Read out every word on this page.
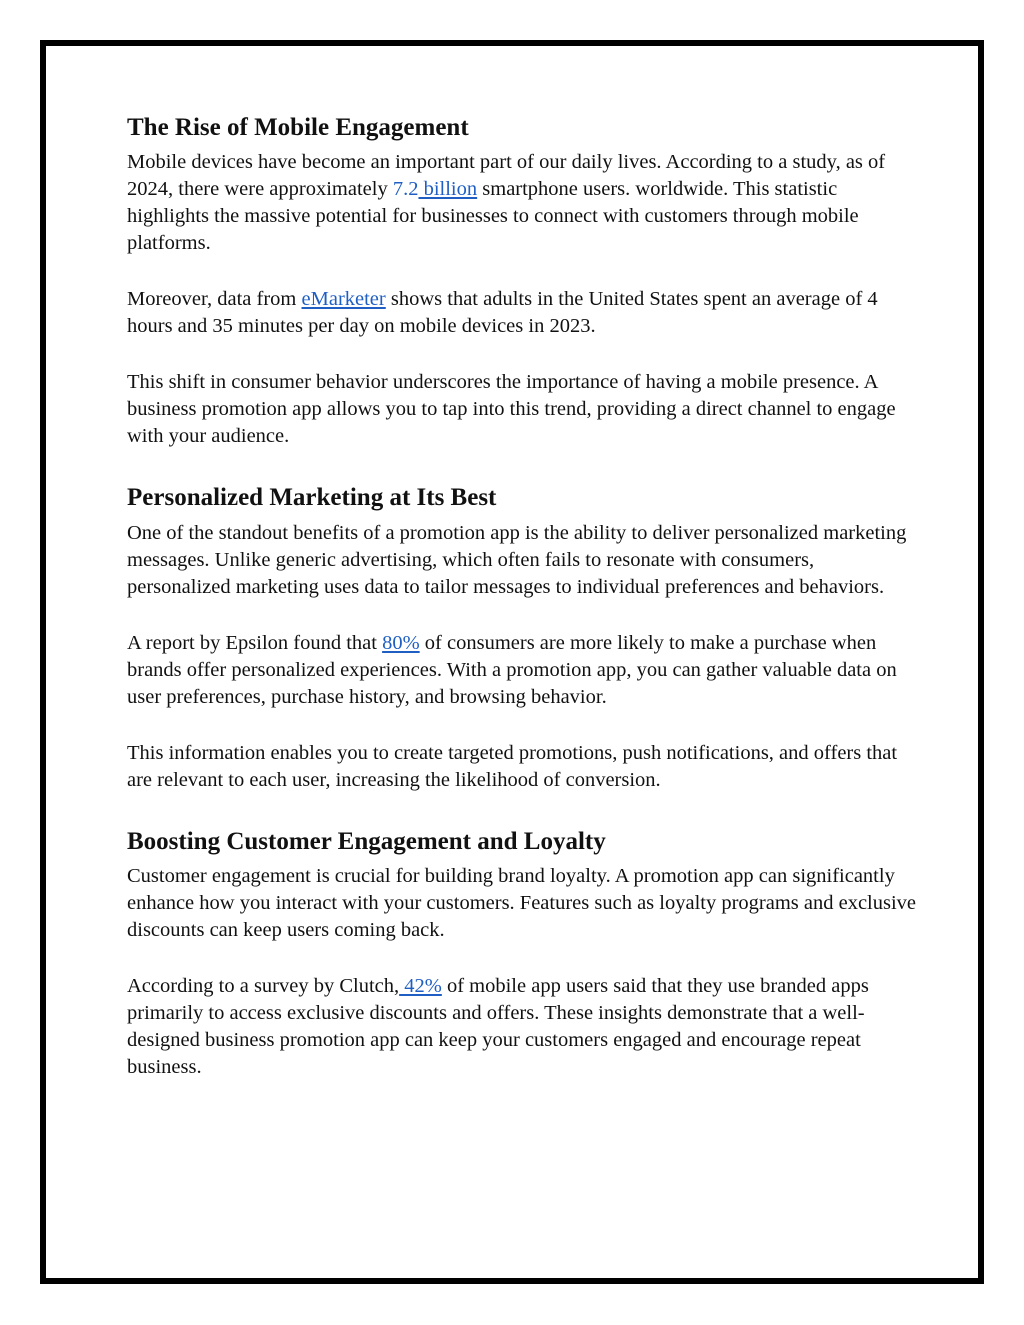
The Rise of Mobile Engagement

Mobile devices have become an important part of our daily lives. According to a study, as of 2024, there were approximately 7.2 billion smartphone users. worldwide. This statistic highlights the massive potential for businesses to connect with customers through mobile platforms.

Moreover, data from eMarketer shows that adults in the United States spent an average of 4 hours and 35 minutes per day on mobile devices in 2023.

This shift in consumer behavior underscores the importance of having a mobile presence. A business promotion app allows you to tap into this trend, providing a direct channel to engage with your audience.

Personalized Marketing at Its Best

One of the standout benefits of a promotion app is the ability to deliver personalized marketing messages. Unlike generic advertising, which often fails to resonate with consumers, personalized marketing uses data to tailor messages to individual preferences and behaviors.

A report by Epsilon found that 80% of consumers are more likely to make a purchase when brands offer personalized experiences. With a promotion app, you can gather valuable data on user preferences, purchase history, and browsing behavior.

This information enables you to create targeted promotions, push notifications, and offers that are relevant to each user, increasing the likelihood of conversion.

Boosting Customer Engagement and Loyalty

Customer engagement is crucial for building brand loyalty. A promotion app can significantly enhance how you interact with your customers. Features such as loyalty programs and exclusive discounts can keep users coming back.

According to a survey by Clutch, 42% of mobile app users said that they use branded apps primarily to access exclusive discounts and offers. These insights demonstrate that a well-designed business promotion app can keep your customers engaged and encourage repeat business.
